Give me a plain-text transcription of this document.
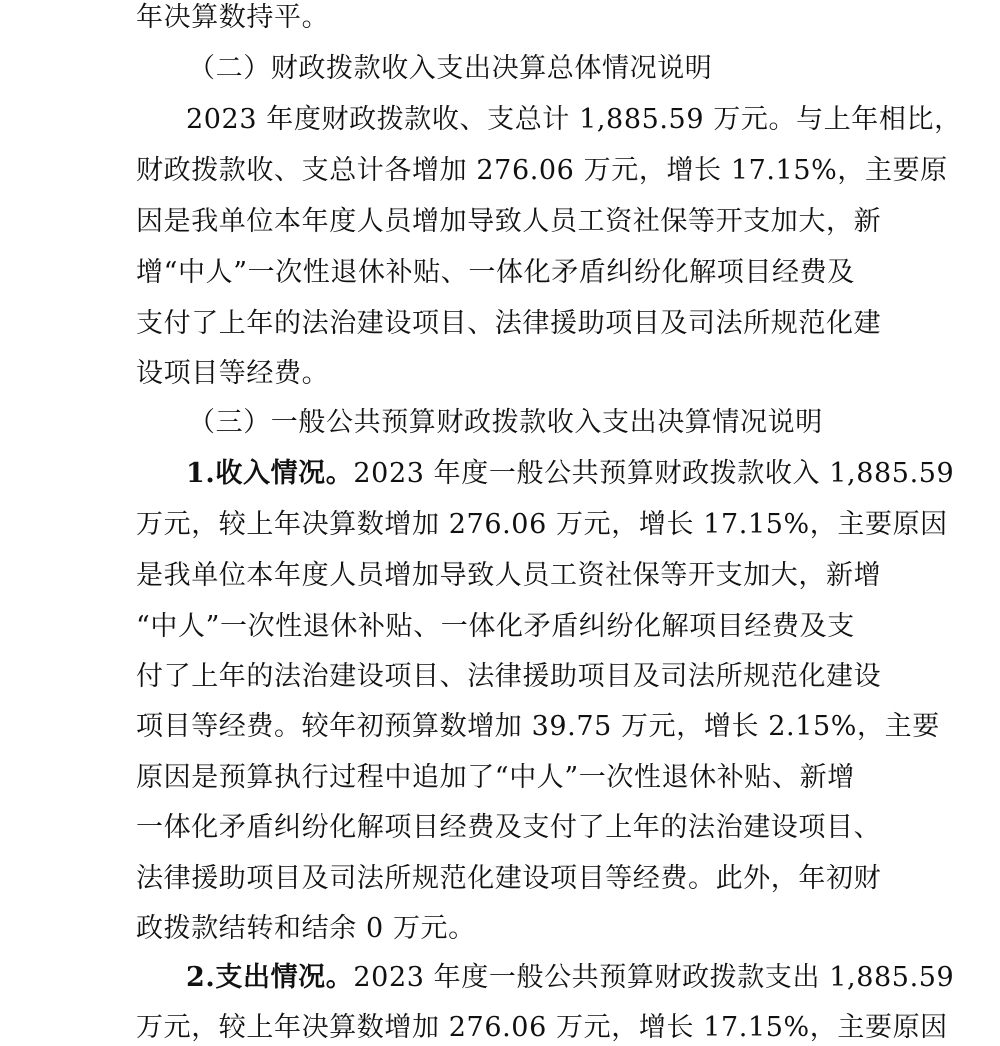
年决算数持平。
（二）财政拨款收入支出决算总体情况说明
2023 年度财政拨款收、支总计 1,885.59 万元。与上年相比，
财政拨款收、支总计各增加 276.06 万元，增长 17.15%，主要原
因是我单位本年度人员增加导致人员工资社保等开支加大，新
增“中人”一次性退休补贴、一体化矛盾纠纷化解项目经费及
支付了上年的法治建设项目、法律援助项目及司法所规范化建
设项目等经费。
（三）一般公共预算财政拨款收入支出决算情况说明
1.收入情况。2023 年度一般公共预算财政拨款收入 1,885.59
万元，较上年决算数增加 276.06 万元，增长 17.15%，主要原因
是我单位本年度人员增加导致人员工资社保等开支加大，新增
“中人”一次性退休补贴、一体化矛盾纠纷化解项目经费及支
付了上年的法治建设项目、法律援助项目及司法所规范化建设
项目等经费。较年初预算数增加 39.75 万元，增长 2.15%，主要
原因是预算执行过程中追加了“中人”一次性退休补贴、新增
一体化矛盾纠纷化解项目经费及支付了上年的法治建设项目、
法律援助项目及司法所规范化建设项目等经费。此外，年初财
政拨款结转和结余 0 万元。
2.支出情况。2023 年度一般公共预算财政拨款支出 1,885.59
万元，较上年决算数增加 276.06 万元，增长 17.15%，主要原因
